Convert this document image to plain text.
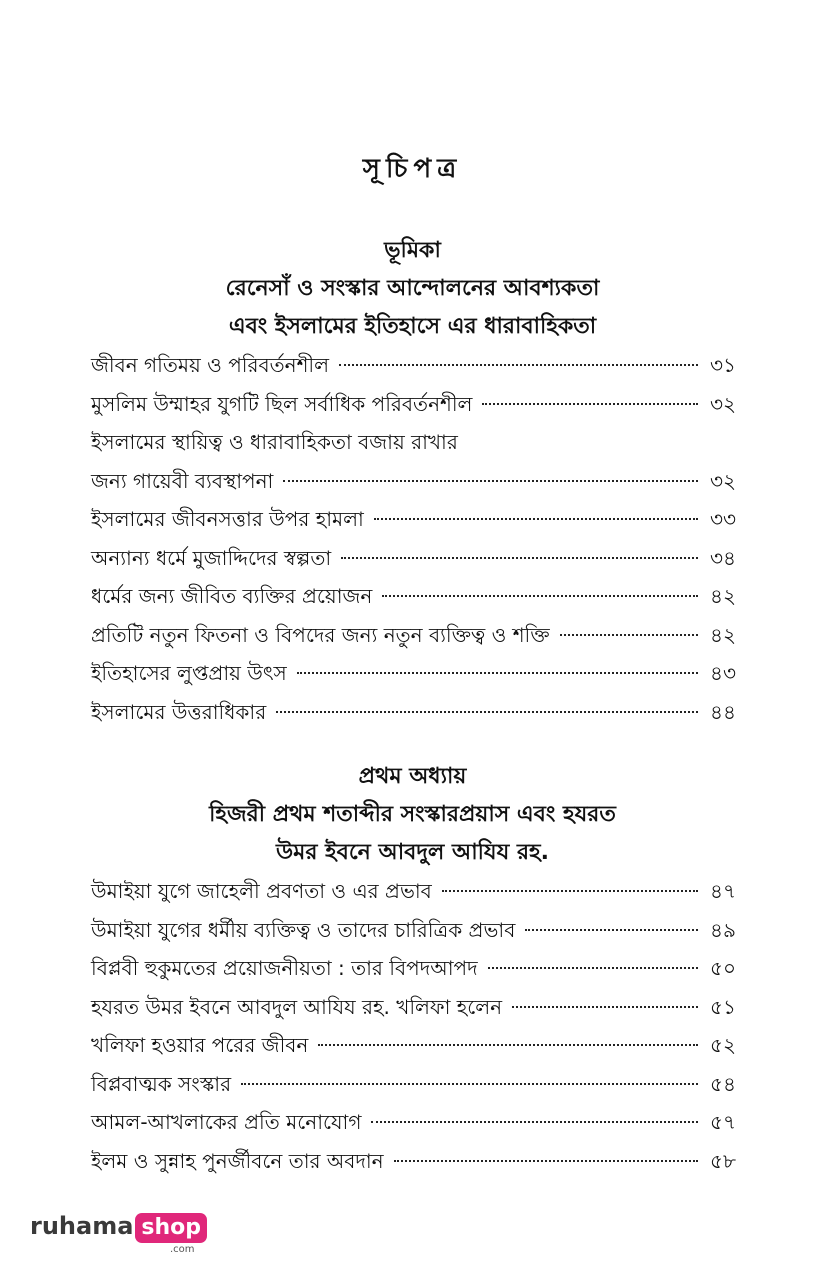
সূচিপত্র
ভূমিকা
রেনেসাঁ ও সংস্কার আন্দোলনের আবশ্যকতা
এবং ইসলামের ইতিহাসে এর ধারাবাহিকতা
জীবন গতিময় ও পরিবর্তনশীল	৩১
মুসলিম উম্মাহর যুগটি ছিল সর্বাধিক পরিবর্তনশীল	৩২
ইসলামের স্থায়িত্ব ও ধারাবাহিকতা বজায় রাখার
জন্য গায়েবী ব্যবস্থাপনা	৩২
ইসলামের জীবনসত্তার উপর হামলা	৩৩
অন্যান্য ধর্মে মুজাদ্দিদের স্বল্পতা	৩৪
ধর্মের জন্য জীবিত ব্যক্তির প্রয়োজন	৪২
প্রতিটি নতুন ফিতনা ও বিপদের জন্য নতুন ব্যক্তিত্ব ও শক্তি	৪২
ইতিহাসের লুপ্তপ্রায় উৎস	৪৩
ইসলামের উত্তরাধিকার	৪৪
প্রথম অধ্যায়
হিজরী প্রথম শতাব্দীর সংস্কারপ্রয়াস এবং হযরত
উমর ইবনে আবদুল আযিয রহ.
উমাইয়া যুগে জাহেলী প্রবণতা ও এর প্রভাব	৪৭
উমাইয়া যুগের ধর্মীয় ব্যক্তিত্ব ও তাদের চারিত্রিক প্রভাব	৪৯
বিপ্লবী হুকুমতের প্রয়োজনীয়তা : তার বিপদআপদ	৫০
হযরত উমর ইবনে আবদুল আযিয রহ. খলিফা হলেন	৫১
খলিফা হওয়ার পরের জীবন	৫২
বিপ্লবাত্মক সংস্কার	৫৪
আমল-আখলাকের প্রতি মনোযোগ	৫৭
ইলম ও সুন্নাহ পুনর্জীবনে তার অবদান	৫৮
ruhama shop
.com
